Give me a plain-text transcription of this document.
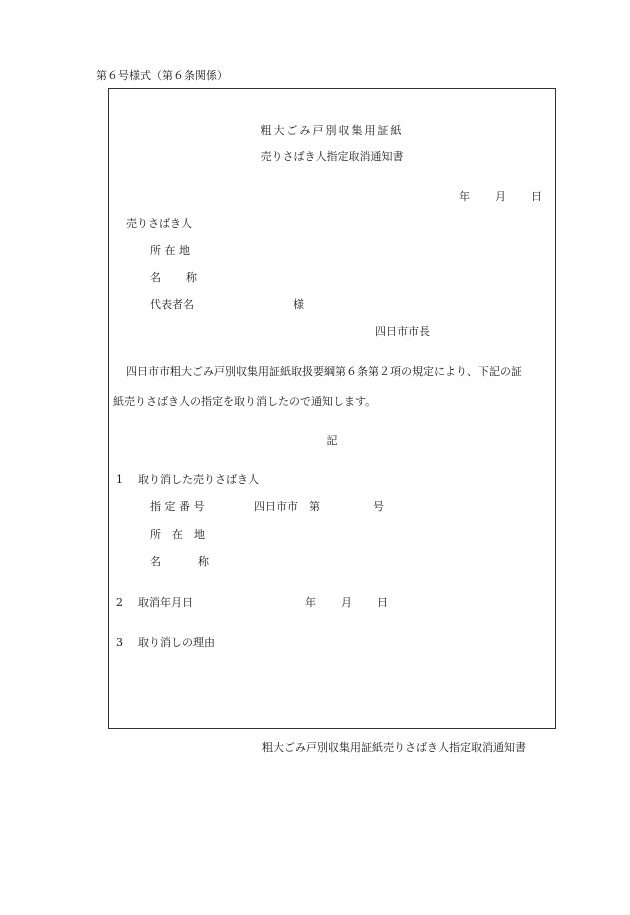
第６号様式（第６条関係）
粗大ごみ戸別収集用証紙
売りさばき人指定取消通知書
年 月 日
売りさばき人
所 在 地
名 称
代表者名	様
四日市市長
四日市市粗大ごみ戸別収集用証紙取扱要綱第６条第２項の規定により、下記の証
紙売りさばき人の指定を取り消したので通知します。
記
1 取り消した売りさばき人
指 定 番 号	四日市市　第	号
所　在　地
名	称
2 取消年月日	年 月 日
3 取り消しの理由
粗大ごみ戸別収集用証紙売りさばき人指定取消通知書
